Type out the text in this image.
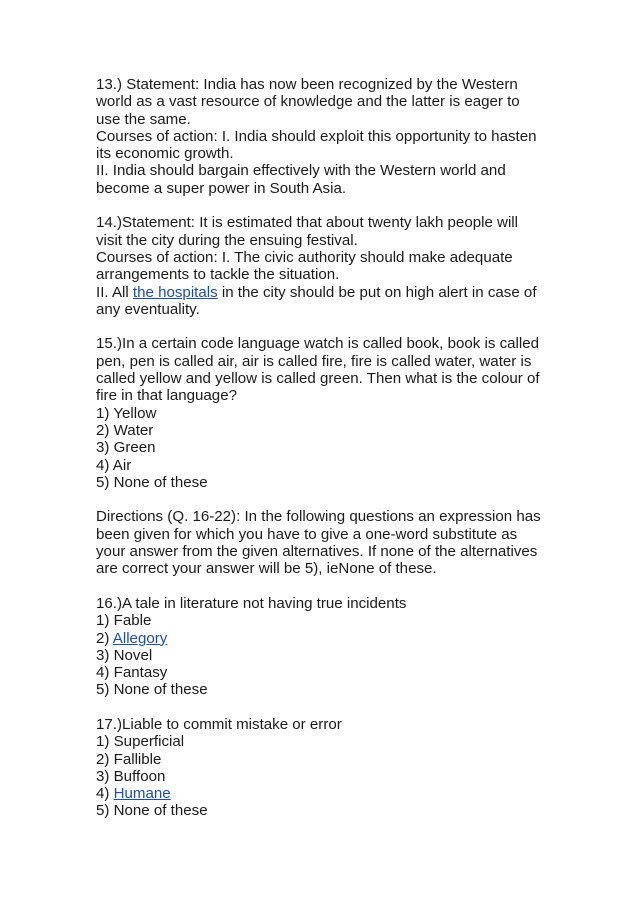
13.) Statement: India has now been recognized by the Western
world as a vast resource of knowledge and the latter is eager to
use the same.
Courses of action: I. India should exploit this opportunity to hasten
its economic growth.
II. India should bargain effectively with the Western world and
become a super power in South Asia.
14.)Statement: It is estimated that about twenty lakh people will
visit the city during the ensuing festival.
Courses of action: I. The civic authority should make adequate
arrangements to tackle the situation.
II. All the hospitals in the city should be put on high alert in case of
any eventuality.
15.)In a certain code language watch is called book, book is called
pen, pen is called air, air is called fire, fire is called water, water is
called yellow and yellow is called green. Then what is the colour of
fire in that language?
1) Yellow
2) Water
3) Green
4) Air
5) None of these
Directions (Q. 16-22): In the following questions an expression has
been given for which you have to give a one-word substitute as
your answer from the given alternatives. If none of the alternatives
are correct your answer will be 5), ieNone of these.
16.)A tale in literature not having true incidents
1) Fable
2) Allegory
3) Novel
4) Fantasy
5) None of these
17.)Liable to commit mistake or error
1) Superficial
2) Fallible
3) Buffoon
4) Humane
5) None of these
